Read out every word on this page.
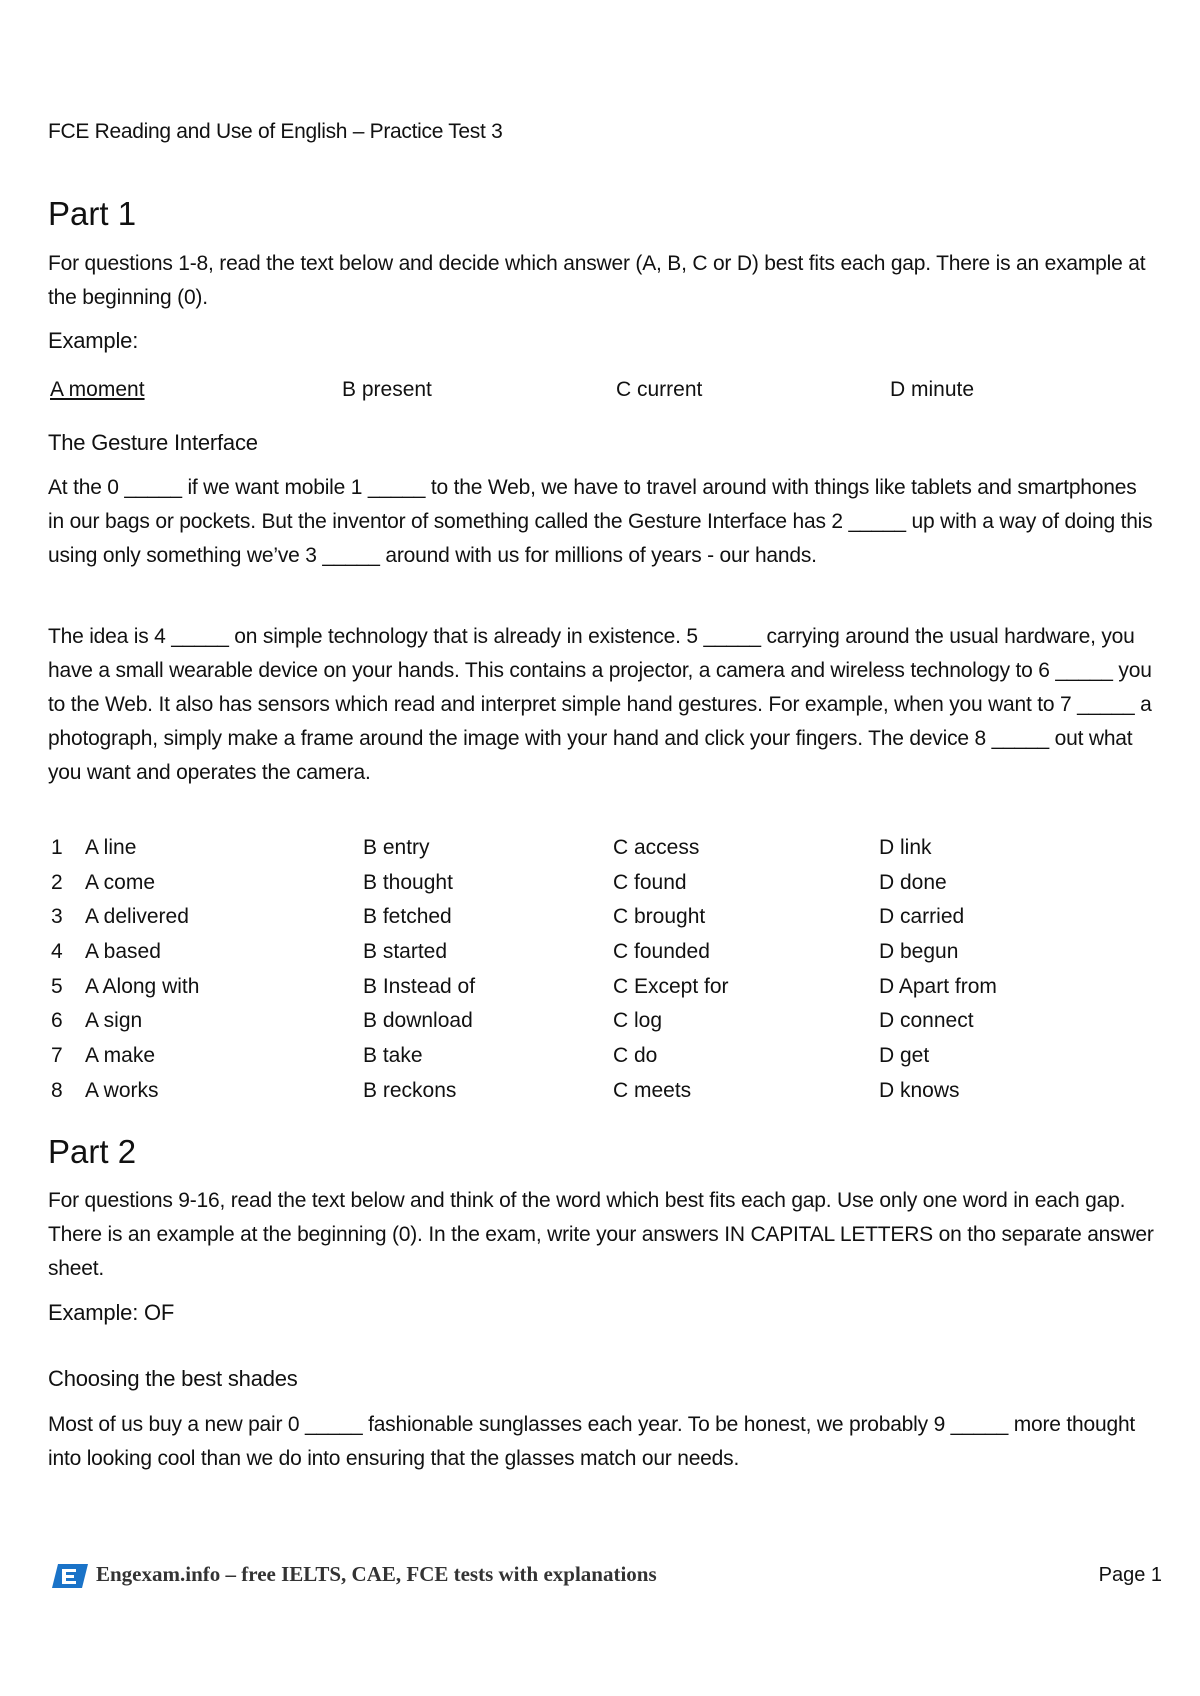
FCE Reading and Use of English – Practice Test 3
Part 1
For questions 1-8, read the text below and decide which answer (A, B, C or D) best fits each gap. There is an example at the beginning (0).
Example:
A moment	B present	C current	D minute
The Gesture Interface
At the 0 _____ if we want mobile 1 _____ to the Web, we have to travel around with things like tablets and smartphones in our bags or pockets. But the inventor of something called the Gesture Interface has 2 _____ up with a way of doing this using only something we’ve 3 _____ around with us for millions of years - our hands.
The idea is 4 _____ on simple technology that is already in existence. 5 _____ carrying around the usual hardware, you have a small wearable device on your hands. This contains a projector, a camera and wireless technology to 6 _____ you to the Web. It also has sensors which read and interpret simple hand gestures. For example, when you want to 7 _____ a photograph, simply make a frame around the image with your hand and click your fingers. The device 8 _____ out what you want and operates the camera.
1 A line	B entry	C access	D link
2 A come	B thought	C found	D done
3 A delivered	B fetched	C brought	D carried
4 A based	B started	C founded	D begun
5 A Along with	B Instead of	C Except for	D Apart from
6 A sign	B download	C log	D connect
7 A make	B take	C do	D get
8 A works	B reckons	C meets	D knows
Part 2
For questions 9-16, read the text below and think of the word which best fits each gap. Use only one word in each gap. There is an example at the beginning (0). In the exam, write your answers IN CAPITAL LETTERS on tho separate answer sheet.
Example: OF
Choosing the best shades
Most of us buy a new pair 0 _____ fashionable sunglasses each year. To be honest, we probably 9 _____ more thought into looking cool than we do into ensuring that the glasses match our needs.
Engexam.info – free IELTS, CAE, FCE tests with explanations	Page 1
